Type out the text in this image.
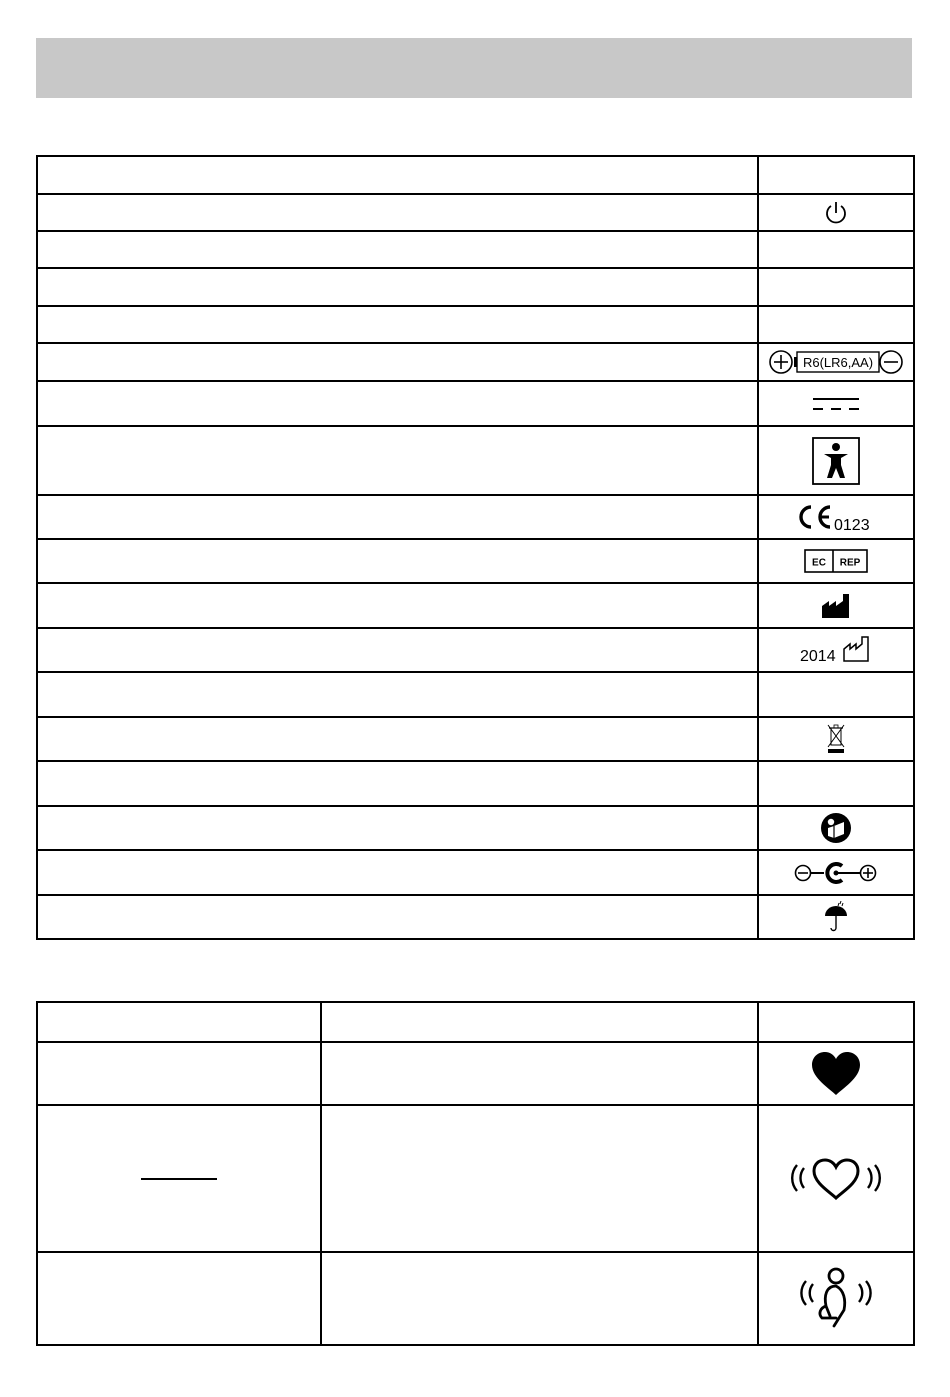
R6(LR6,AA)

0123

EC REP

2014
